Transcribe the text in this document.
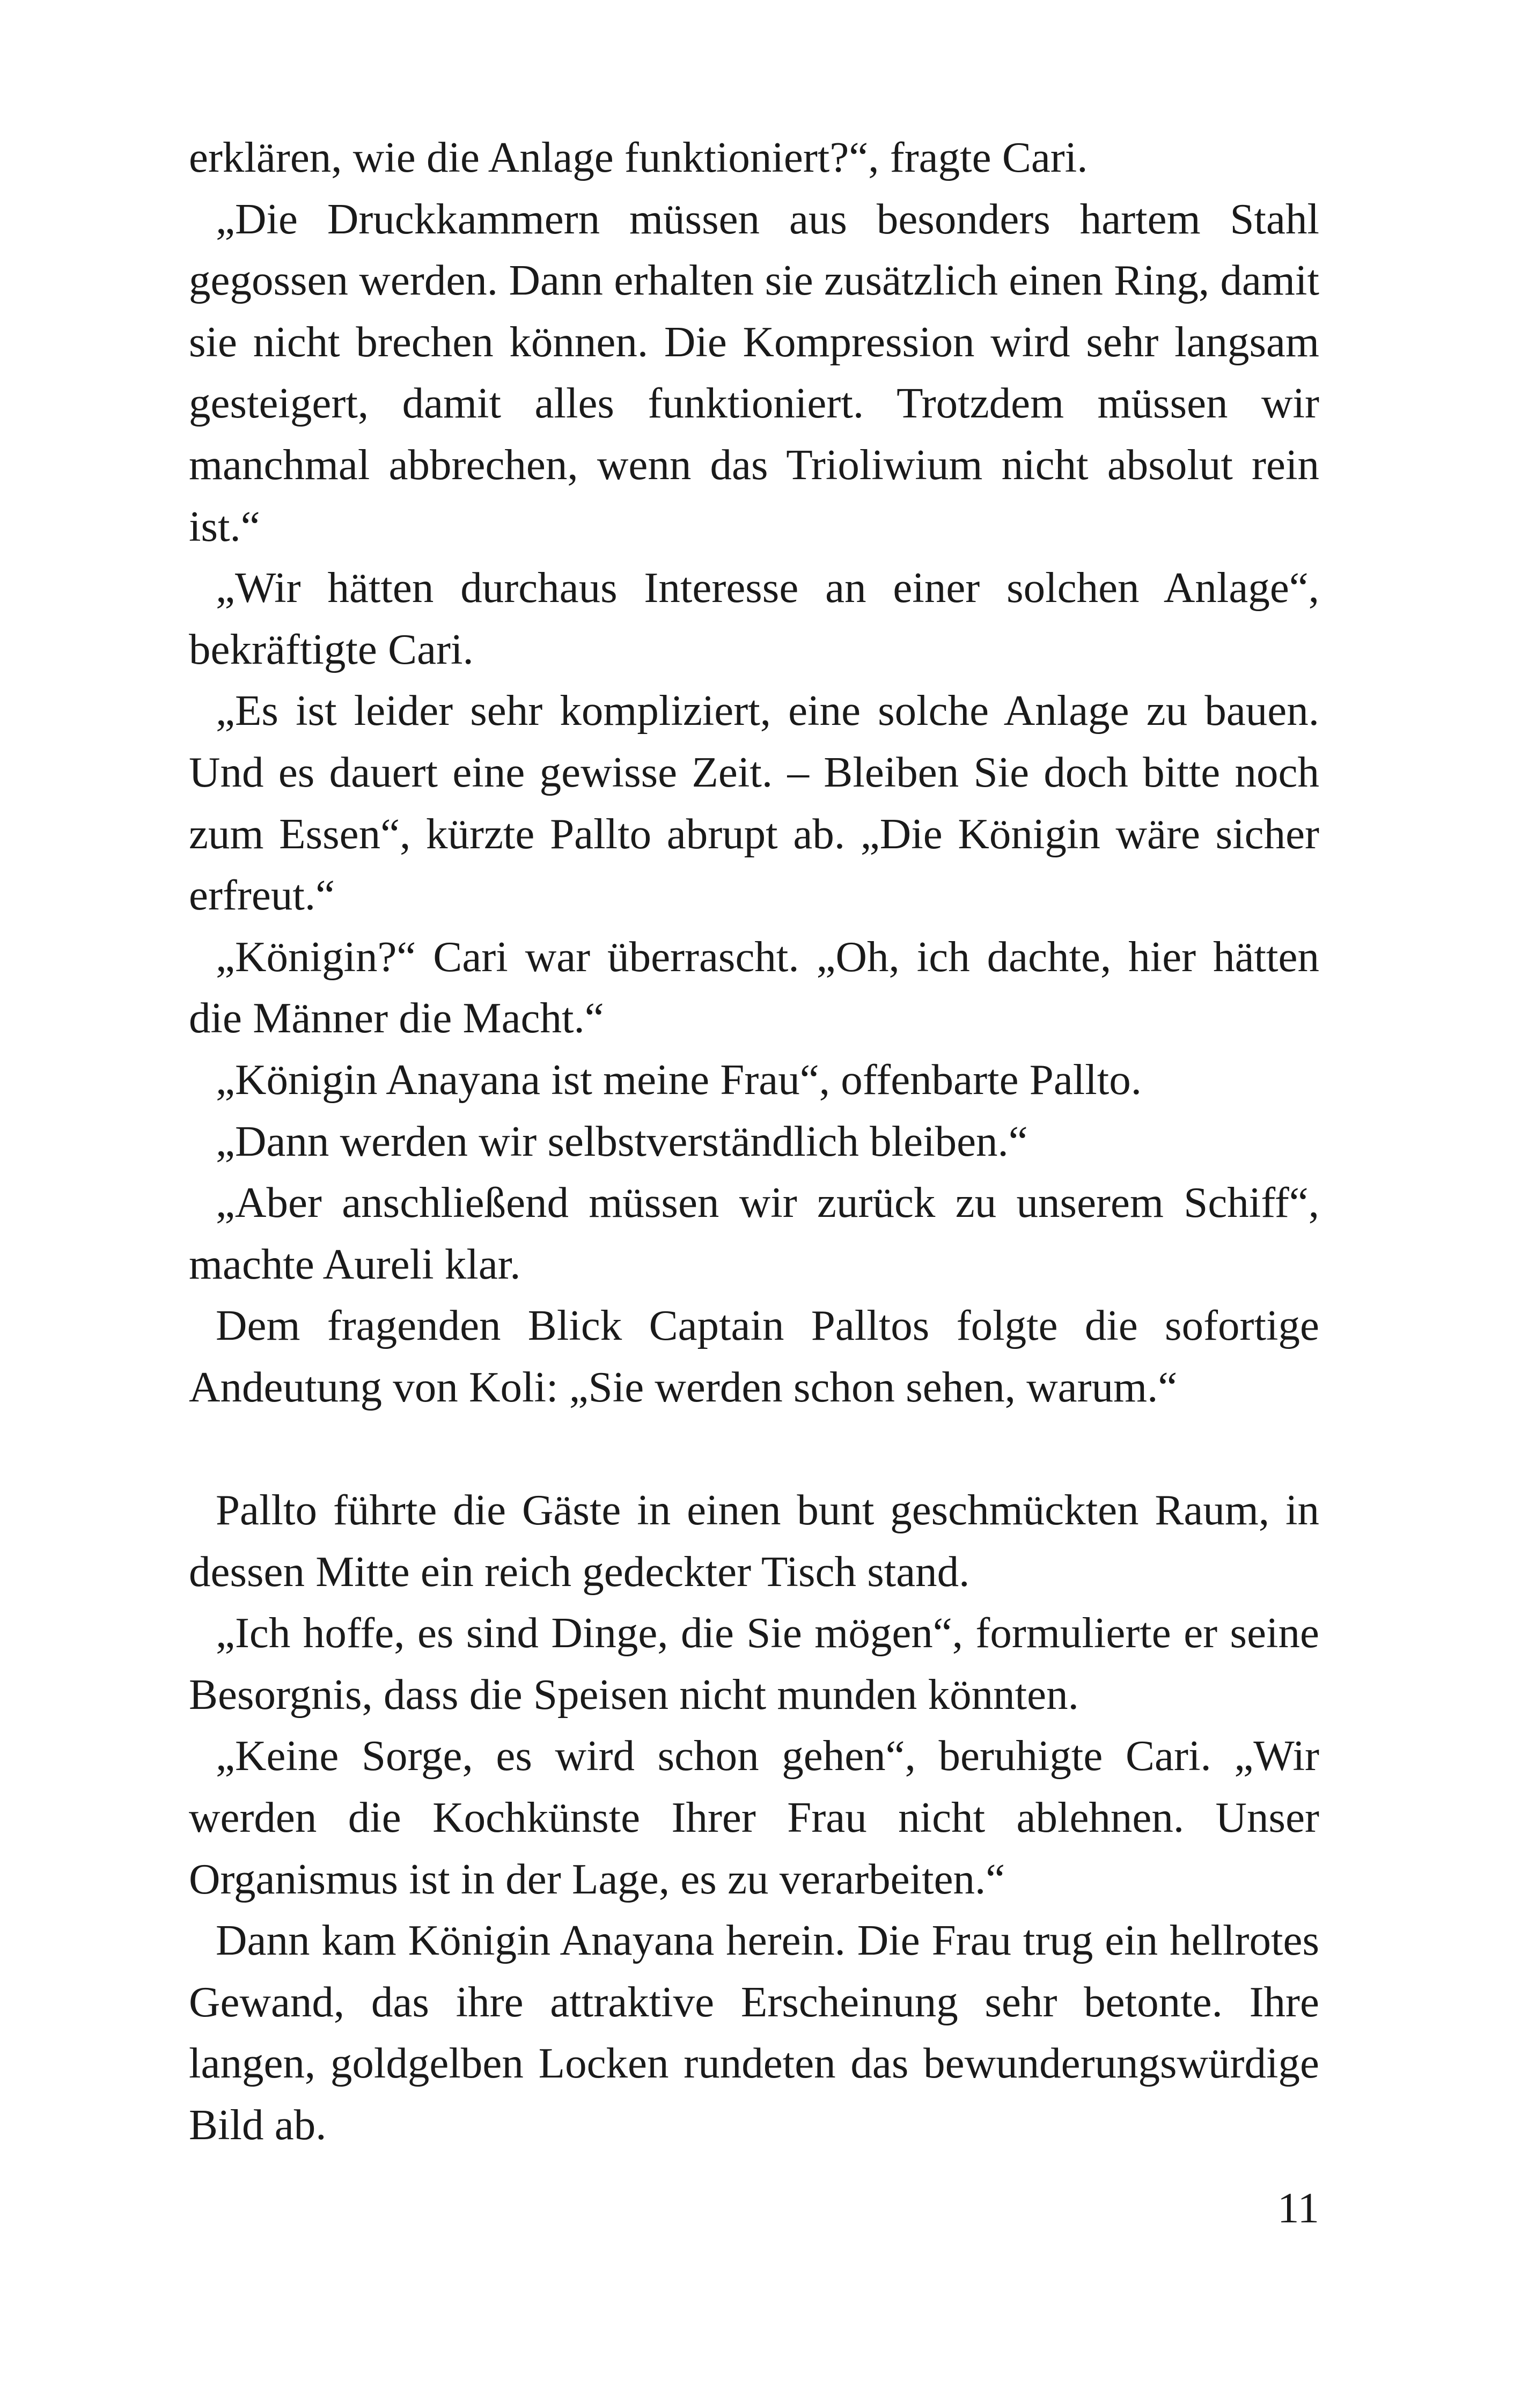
erklären, wie die Anlage funktioniert?“, fragte Cari.

„Die Druckkammern müssen aus besonders hartem Stahl gegossen werden. Dann erhalten sie zusätzlich einen Ring, damit sie nicht brechen können. Die Kompression wird sehr langsam gesteigert, damit alles funktioniert. Trotzdem müssen wir manchmal abbrechen, wenn das Trioliwium nicht absolut rein ist.“

„Wir hätten durchaus Interesse an einer solchen Anlage“, bekräftigte Cari.

„Es ist leider sehr kompliziert, eine solche Anlage zu bauen. Und es dauert eine gewisse Zeit. – Bleiben Sie doch bitte noch zum Essen“, kürzte Pallto abrupt ab. „Die Königin wäre sicher erfreut.“

„Königin?“ Cari war überrascht. „Oh, ich dachte, hier hätten die Männer die Macht.“

„Königin Anayana ist meine Frau“, offenbarte Pallto.

„Dann werden wir selbstverständlich bleiben.“

„Aber anschließend müssen wir zurück zu unserem Schiff“, machte Aureli klar.

Dem fragenden Blick Captain Palltos folgte die sofortige Andeutung von Koli: „Sie werden schon sehen, warum.“

Pallto führte die Gäste in einen bunt geschmückten Raum, in dessen Mitte ein reich gedeckter Tisch stand.

„Ich hoffe, es sind Dinge, die Sie mögen“, formulierte er seine Besorgnis, dass die Speisen nicht munden könnten.

„Keine Sorge, es wird schon gehen“, beruhigte Cari. „Wir werden die Kochkünste Ihrer Frau nicht ablehnen. Unser Organismus ist in der Lage, es zu verarbeiten.“

Dann kam Königin Anayana herein. Die Frau trug ein hellrotes Gewand, das ihre attraktive Erscheinung sehr betonte. Ihre langen, goldgelben Locken rundeten das bewunderungswürdige Bild ab.

11
